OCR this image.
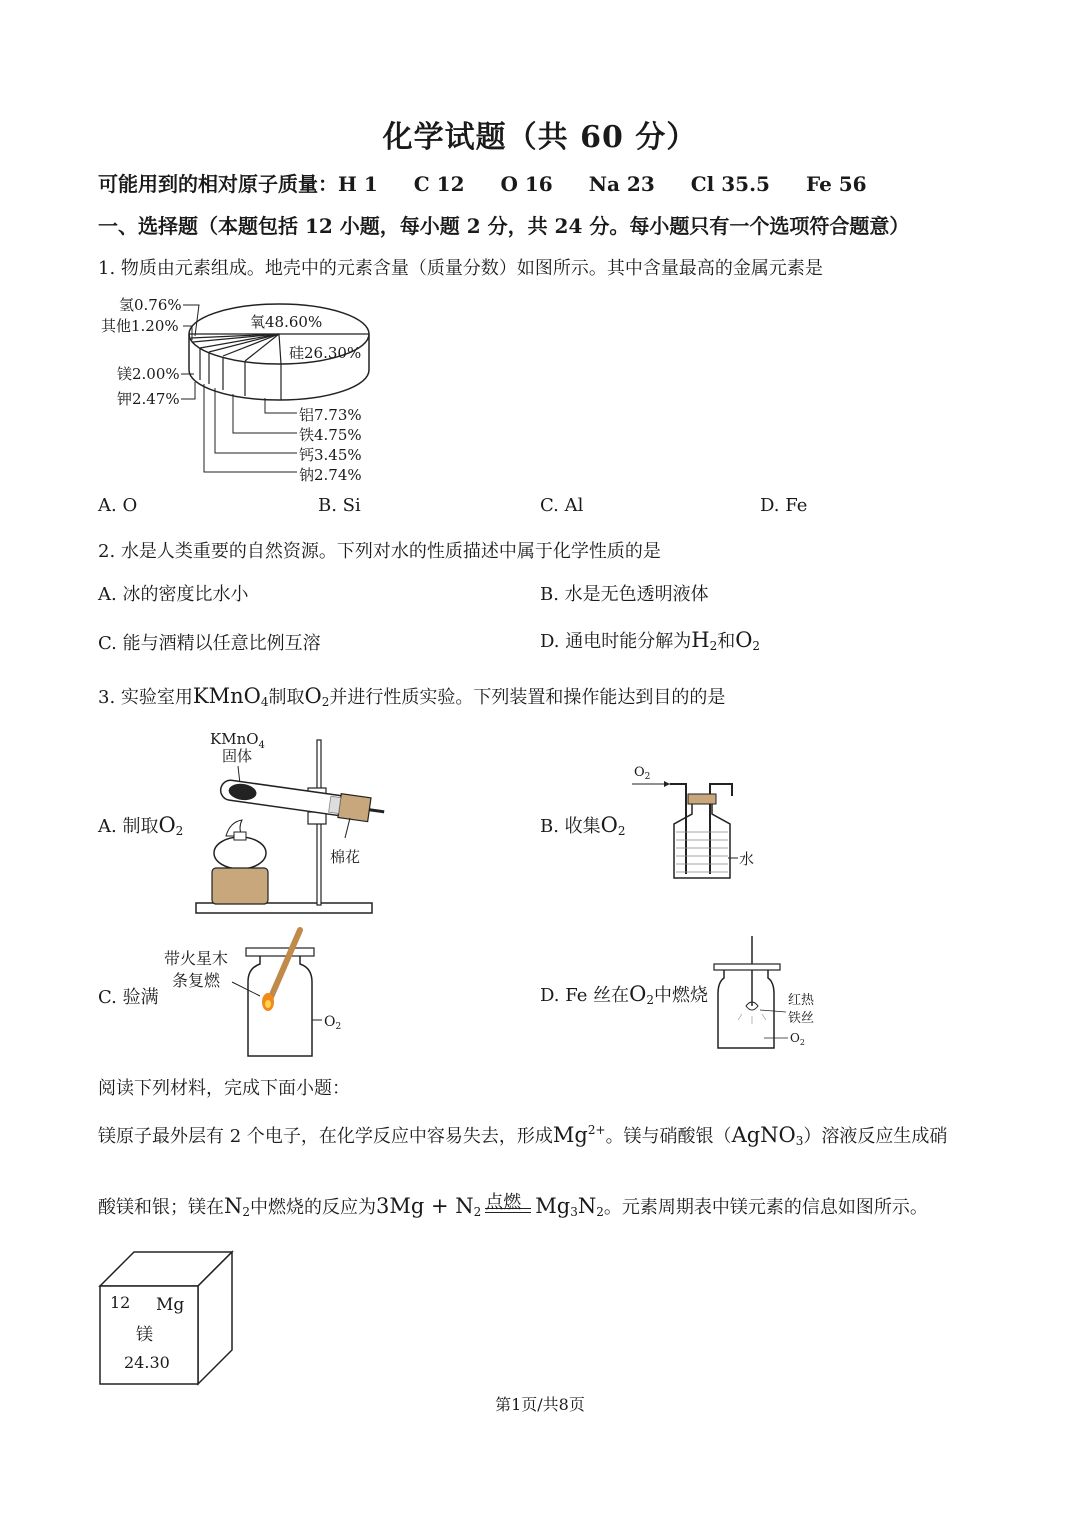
化学试题（共 60 分）
可能用到的相对原子质量：H 1 C 12 O 16 Na 23 Cl 35.5 Fe 56
一、选择题（本题包括 12 小题，每小题 2 分，共 24 分。每小题只有一个选项符合题意）
1. 物质由元素组成。地壳中的元素含量（质量分数）如图所示。其中含量最高的金属元素是
氧48.60%
硅26.30%
氢0.76%
其他1.20%
镁2.00%
钾2.47%
铝7.73%
铁4.75%
钙3.45%
钠2.74%
A. O	B. Si	C. Al	D. Fe
2. 水是人类重要的自然资源。下列对水的性质描述中属于化学性质的是
A. 冰的密度比水小	B. 水是无色透明液体
C. 能与酒精以任意比例互溶	D. 通电时能分解为$H_2$和$O_2$
3. 实验室用KMnO$_4$制取$O_2$并进行性质实验。下列装置和操作能达到目的的是
A. 制取$O_2$
KMnO$_4$
固体
棉花
B. 收集$O_2$
$O_2$
水
C. 验满
带火星木
条复燃
$O_2$
D. Fe 丝在$O_2$中燃烧	红热
铁丝
$O_2$
阅读下列材料，完成下面小题：
镁原子最外层有 2 个电子，在化学反应中容易失去，形成$Mg^{2+}$。镁与硝酸银（AgNO$_3$）溶液反应生成硝
酸镁和银；镁在$N_2$中燃烧的反应为$3Mg + N_2$ 点燃 $Mg_3N_2$。元素周期表中镁元素的信息如图所示。
12 Mg
镁
24.30
第1页/共8页
